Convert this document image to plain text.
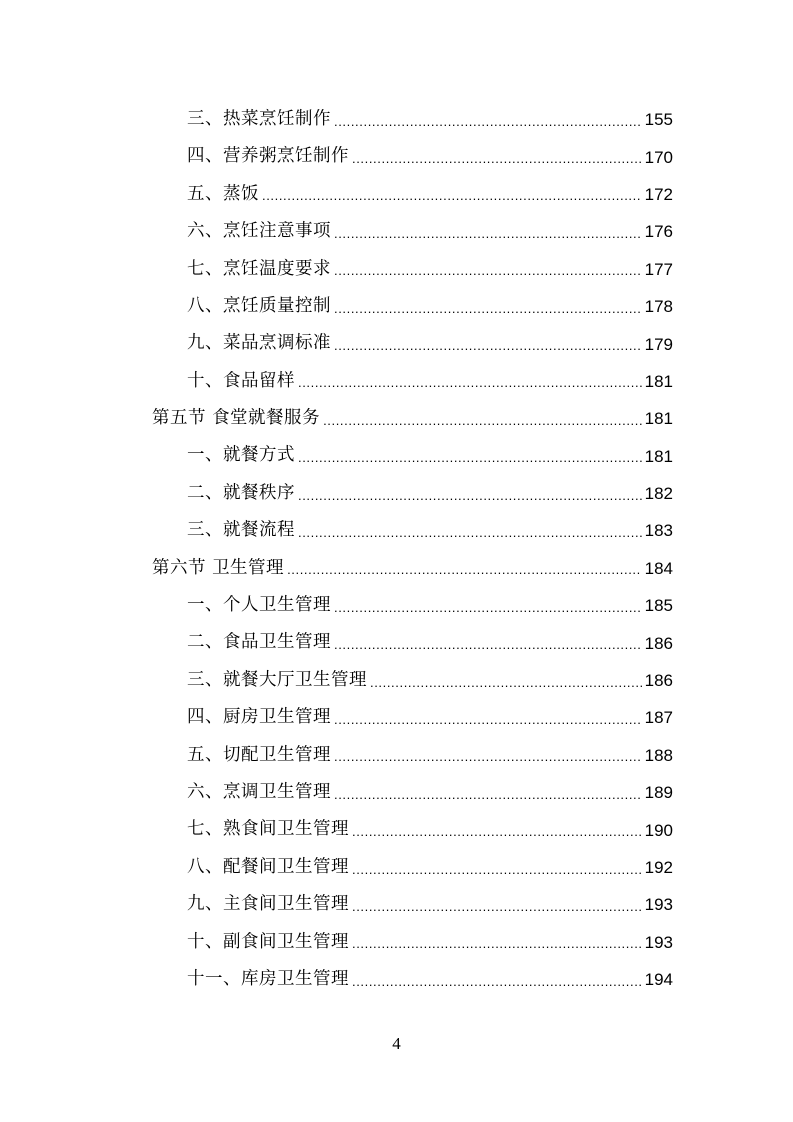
三、热菜烹饪制作 .....	155
四、营养粥烹饪制作 .....	170
五、蒸饭 .....	172
六、烹饪注意事项 .....	176
七、烹饪温度要求 .....	177
八、烹饪质量控制 .....	178
九、菜品烹调标准 .....	179
十、食品留样 .....	181
第五节 食堂就餐服务 .....	181
一、就餐方式 .....	181
二、就餐秩序 .....	182
三、就餐流程 .....	183
第六节 卫生管理 .....	184
一、个人卫生管理 .....	185
二、食品卫生管理 .....	186
三、就餐大厅卫生管理 .....	186
四、厨房卫生管理 .....	187
五、切配卫生管理 .....	188
六、烹调卫生管理 .....	189
七、熟食间卫生管理 .....	190
八、配餐间卫生管理 .....	192
九、主食间卫生管理 .....	193
十、副食间卫生管理 .....	193
十一、库房卫生管理 .....	194
4
